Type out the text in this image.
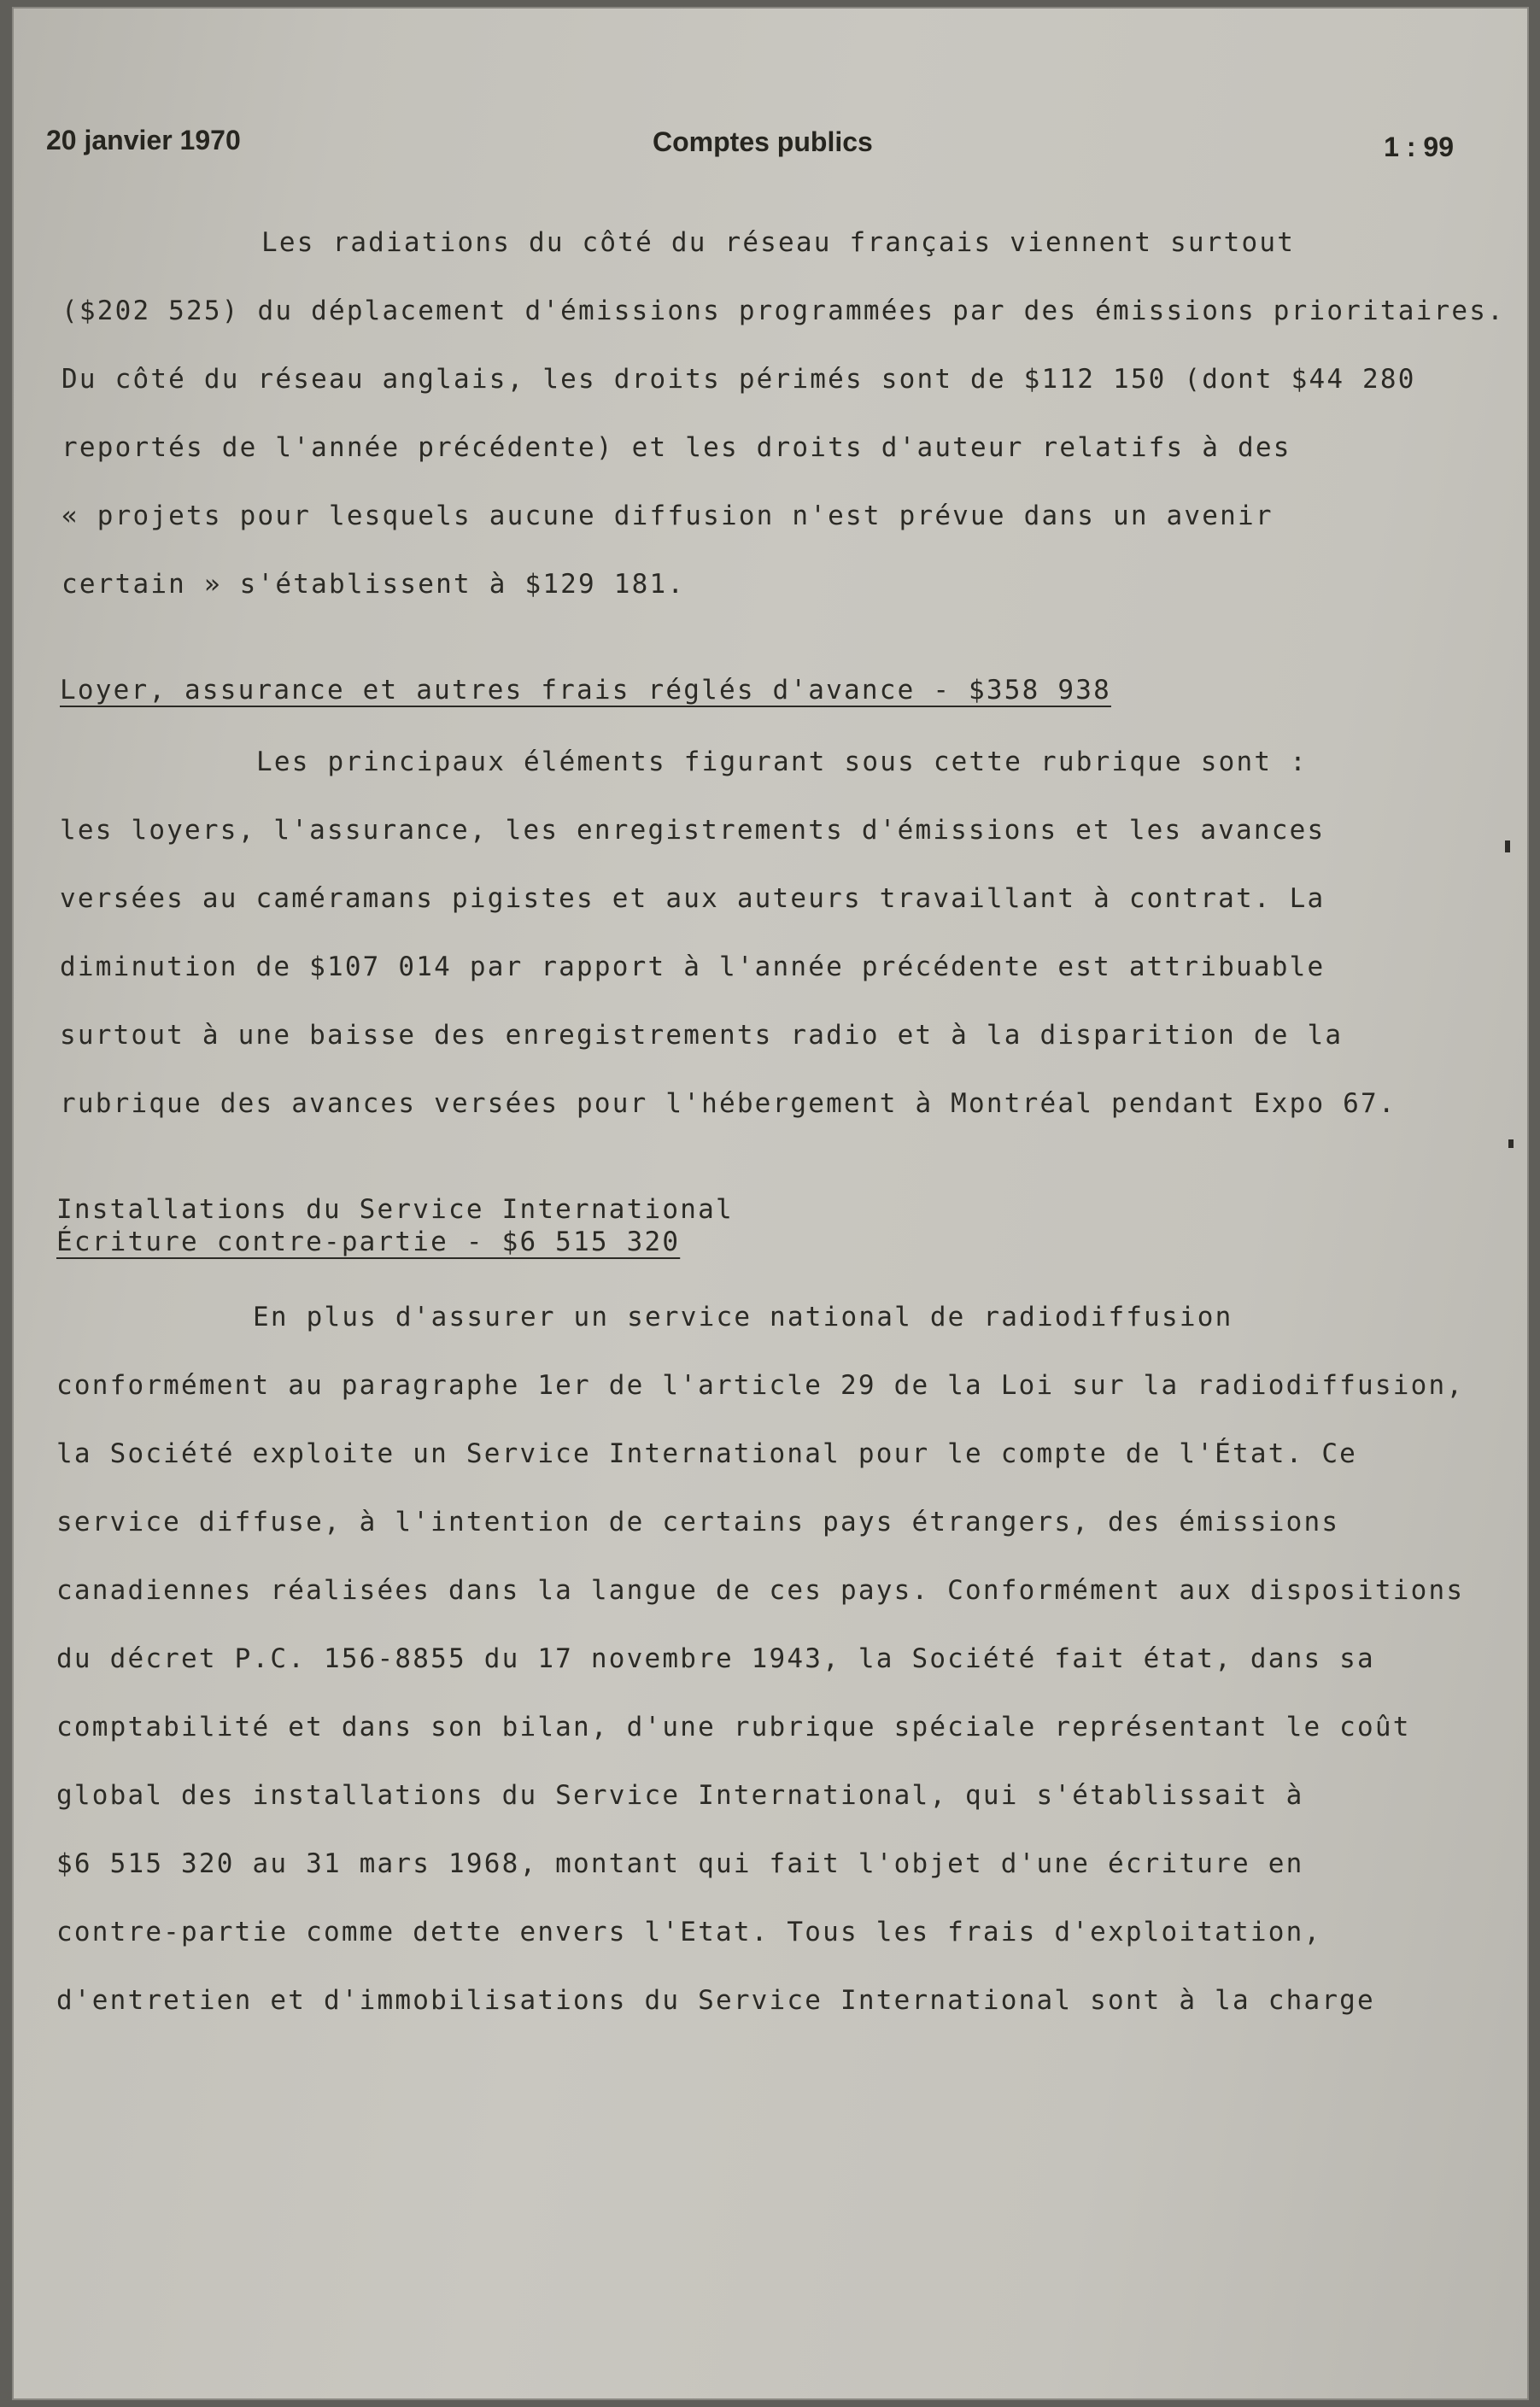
20 janvier 1970	Comptes publics	1 : 99
Les radiations du côté du réseau français viennent surtout
($202 525) du déplacement d'émissions programmées par des émissions prioritaires.
Du côté du réseau anglais, les droits périmés sont de $112 150 (dont $44 280
reportés de l'année précédente) et les droits d'auteur relatifs à des
« projets pour lesquels aucune diffusion n'est prévue dans un avenir
certain » s'établissent à $129 181.
Loyer, assurance et autres frais réglés d'avance - $358 938
Les principaux éléments figurant sous cette rubrique sont :
les loyers, l'assurance, les enregistrements d'émissions et les avances
versées au caméramans pigistes et aux auteurs travaillant à contrat. La
diminution de $107 014 par rapport à l'année précédente est attribuable
surtout à une baisse des enregistrements radio et à la disparition de la
rubrique des avances versées pour l'hébergement à Montréal pendant Expo 67.
Installations du Service International
Écriture contre-partie - $6 515 320
En plus d'assurer un service national de radiodiffusion
conformément au paragraphe 1er de l'article 29 de la Loi sur la radiodiffusion,
la Société exploite un Service International pour le compte de l'État. Ce
service diffuse, à l'intention de certains pays étrangers, des émissions
canadiennes réalisées dans la langue de ces pays. Conformément aux dispositions
du décret P.C. 156-8855 du 17 novembre 1943, la Société fait état, dans sa
comptabilité et dans son bilan, d'une rubrique spéciale représentant le coût
global des installations du Service International, qui s'établissait à
$6 515 320 au 31 mars 1968, montant qui fait l'objet d'une écriture en
contre-partie comme dette envers l'Etat. Tous les frais d'exploitation,
d'entretien et d'immobilisations du Service International sont à la charge
